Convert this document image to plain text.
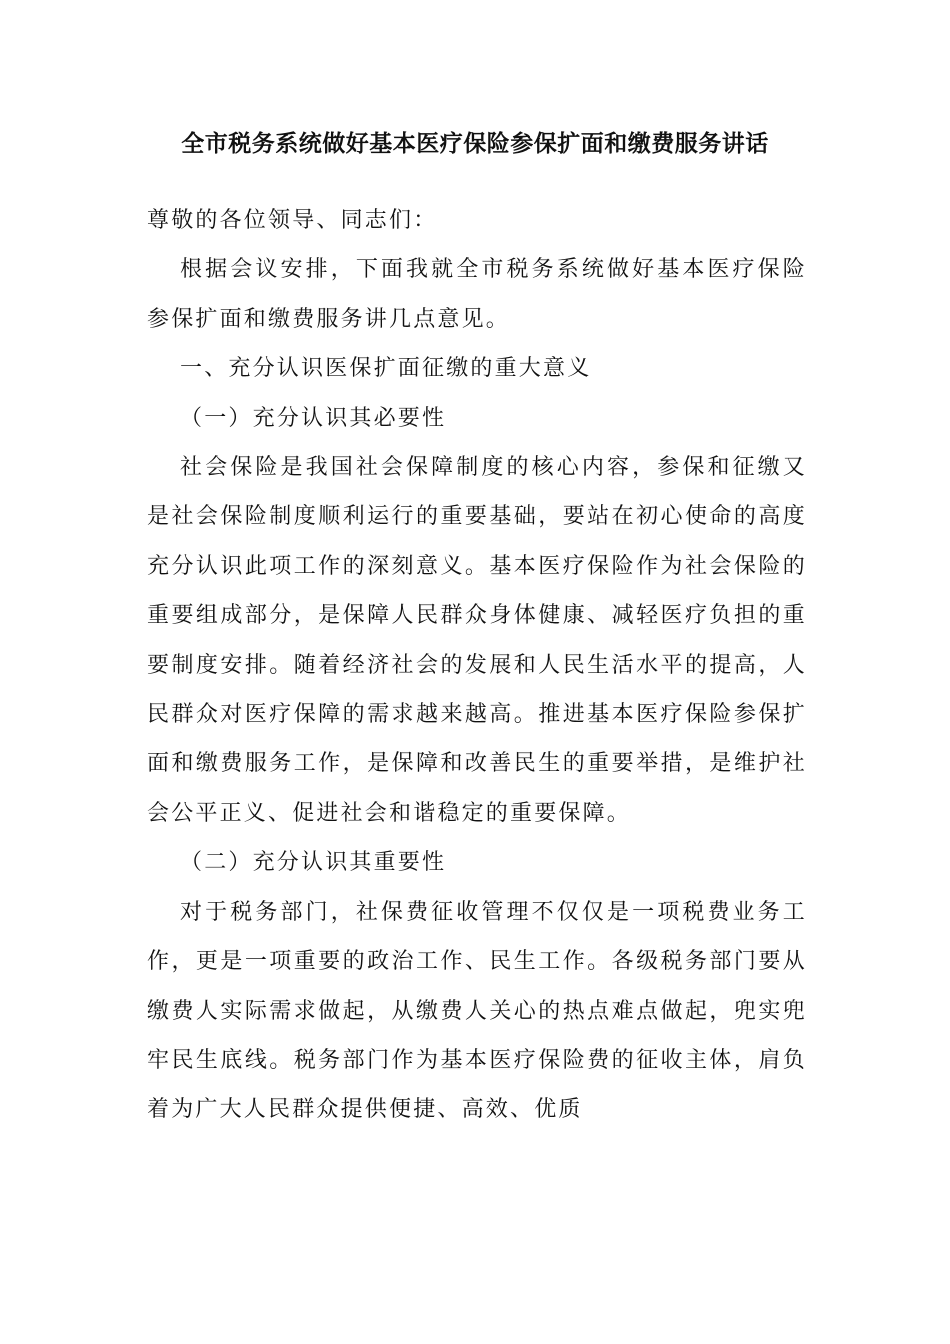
全市税务系统做好基本医疗保险参保扩面和缴费服务讲话

尊敬的各位领导、同志们：

根据会议安排，下面我就全市税务系统做好基本医疗保险参保扩面和缴费服务讲几点意见。

一、充分认识医保扩面征缴的重大意义

（一）充分认识其必要性

社会保险是我国社会保障制度的核心内容，参保和征缴又是社会保险制度顺利运行的重要基础，要站在初心使命的高度充分认识此项工作的深刻意义。基本医疗保险作为社会保险的重要组成部分，是保障人民群众身体健康、减轻医疗负担的重要制度安排。随着经济社会的发展和人民生活水平的提高，人民群众对医疗保障的需求越来越高。推进基本医疗保险参保扩面和缴费服务工作，是保障和改善民生的重要举措，是维护社会公平正义、促进社会和谐稳定的重要保障。

（二）充分认识其重要性

对于税务部门，社保费征收管理不仅仅是一项税费业务工作，更是一项重要的政治工作、民生工作。各级税务部门要从缴费人实际需求做起，从缴费人关心的热点难点做起，兜实兜牢民生底线。税务部门作为基本医疗保险费的征收主体，肩负着为广大人民群众提供便捷、高效、优质
